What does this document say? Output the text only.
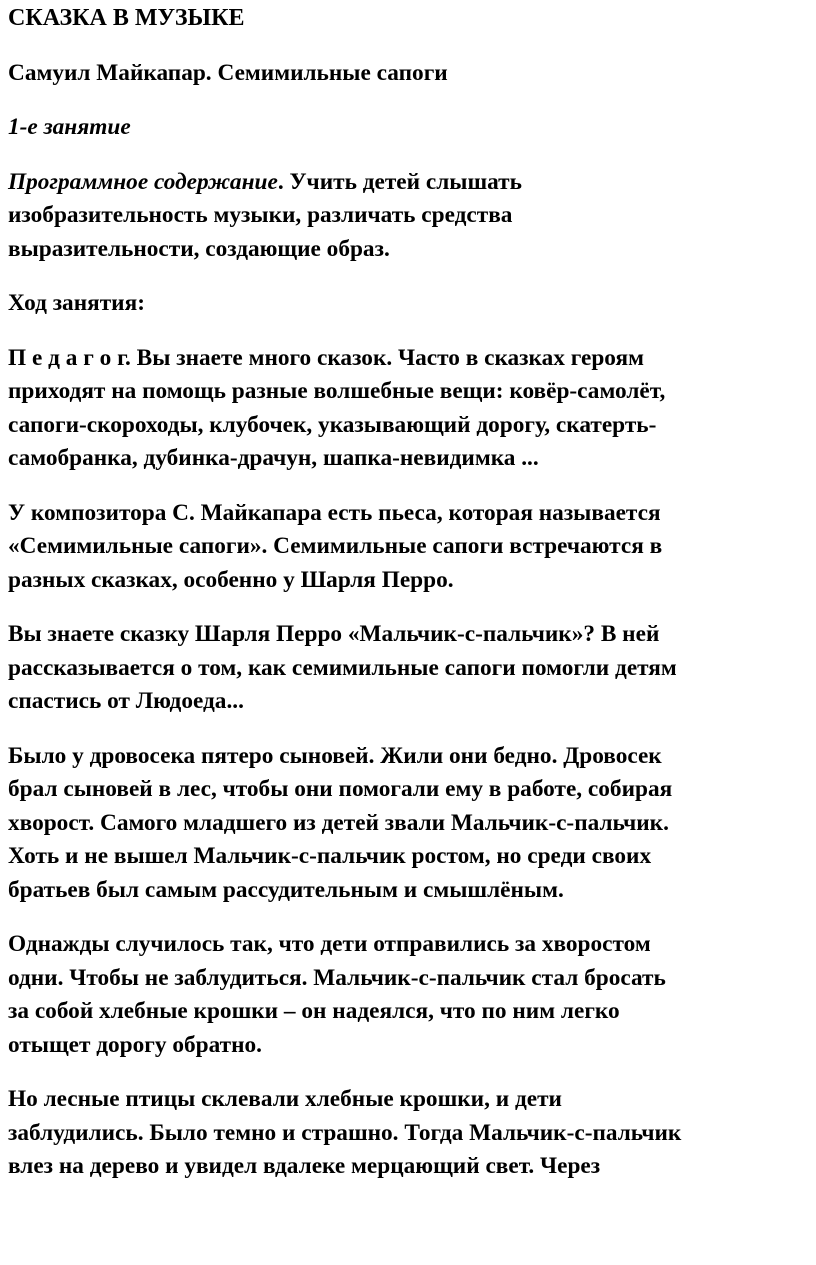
СКАЗКА В МУЗЫКЕ

Самуил Майкапар. Семимильные сапоги

1-е занятие

Программное содержание. Учить детей слышать
изобразительность музыки, различать средства
выразительности, создающие образ.

Ход занятия:

П е д а г о г. Вы знаете много сказок. Часто в сказках героям
приходят на помощь разные волшебные вещи: ковёр-самолёт,
сапоги-скороходы, клубочек, указывающий дорогу, скатерть-
самобранка, дубинка-драчун, шапка-невидимка ...

У композитора С. Майкапара есть пьеса, которая называется
«Семимильные сапоги». Семимильные сапоги встречаются в
разных сказках, особенно у Шарля Перро.

Вы знаете сказку Шарля Перро «Мальчик-с-пальчик»? В ней
рассказывается о том, как семимильные сапоги помогли детям
спастись от Людоеда...

Было у дровосека пятеро сыновей. Жили они бедно. Дровосек
брал сыновей в лес, чтобы они помогали ему в работе, собирая
хворост. Самого младшего из детей звали Мальчик-с-пальчик.
Хоть и не вышел Мальчик-с-пальчик ростом, но среди своих
братьев был самым рассудительным и смышлёным.

Однажды случилось так, что дети отправились за хворостом
одни. Чтобы не заблудиться. Мальчик-с-пальчик стал бросать
за собой хлебные крошки – он надеялся, что по ним легко
отыщет дорогу обратно.

Но лесные птицы склевали хлебные крошки, и дети
заблудились. Было темно и страшно. Тогда Мальчик-с-пальчик
влез на дерево и увидел вдалеке мерцающий свет. Через
